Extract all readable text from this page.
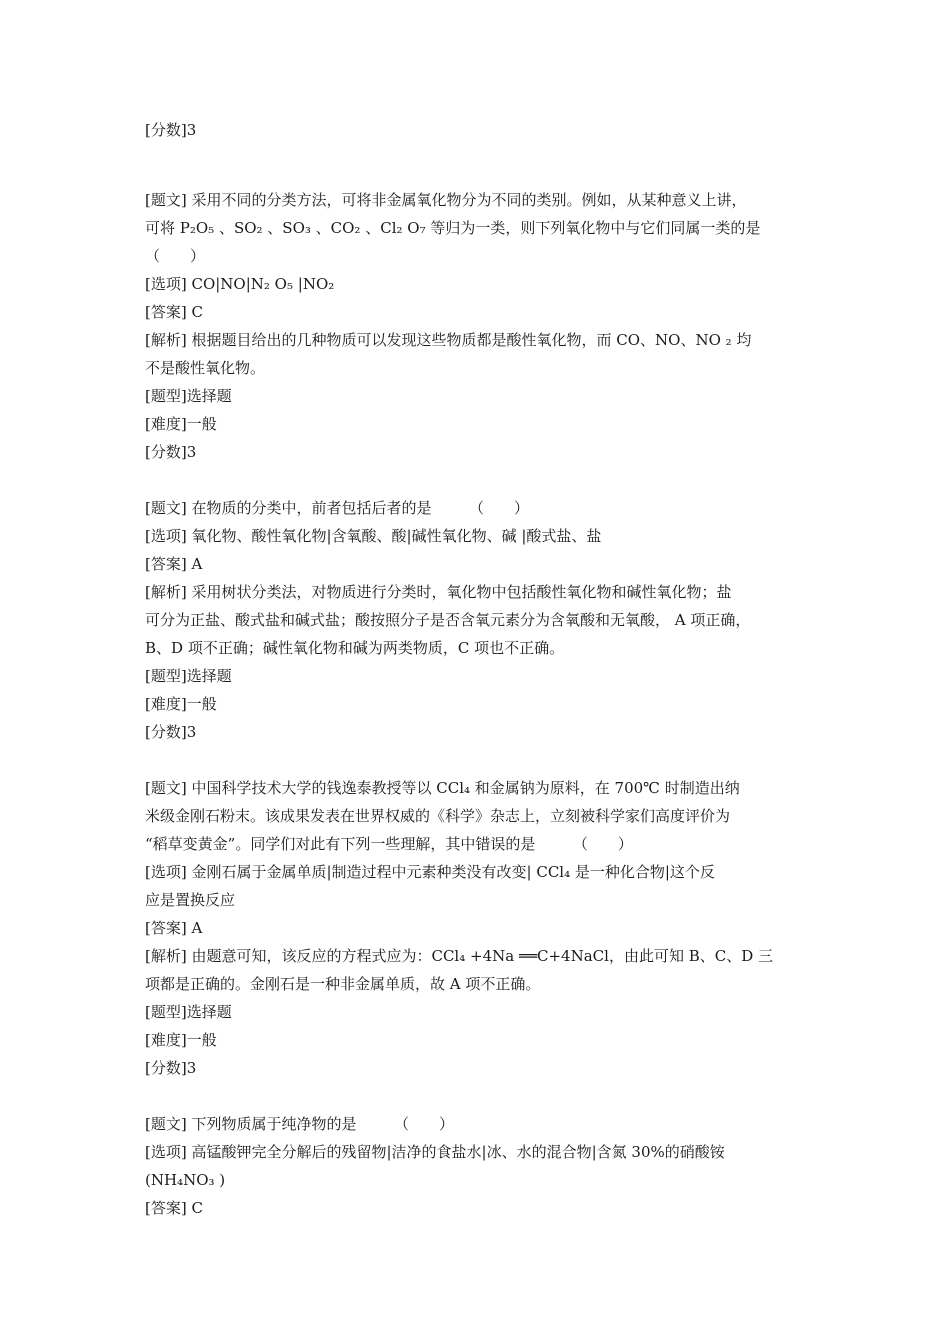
[分数]3
[题文] 采用不同的分类方法，可将非金属氧化物分为不同的类别。例如，从某种意义上讲，
可将 P₂O₅ 、SO₂ 、SO₃ 、CO₂ 、Cl₂ O₇ 等归为一类，则下列氧化物中与它们同属一类的是
（　　）
[选项] CO|NO|N₂ O₅ |NO₂
[答案] C
[解析] 根据题目给出的几种物质可以发现这些物质都是酸性氧化物，而 CO、NO、NO ₂ 均
不是酸性氧化物。
[题型]选择题
[难度]一般
[分数]3
[题文] 在物质的分类中，前者包括后者的是　　　（　　）
[选项] 氧化物、酸性氧化物|含氧酸、酸|碱性氧化物、碱 |酸式盐、盐
[答案] A
[解析] 采用树状分类法，对物质进行分类时，氧化物中包括酸性氧化物和碱性氧化物；盐
可分为正盐、酸式盐和碱式盐；酸按照分子是否含氧元素分为含氧酸和无氧酸， A 项正确，
B、D 项不正确；碱性氧化物和碱为两类物质，C 项也不正确。
[题型]选择题
[难度]一般
[分数]3
[题文] 中国科学技术大学的钱逸泰教授等以 CCl₄ 和金属钠为原料，在 700℃ 时制造出纳
米级金刚石粉末。该成果发表在世界权威的《科学》杂志上，立刻被科学家们高度评价为
“稻草变黄金”。同学们对此有下列一些理解，其中错误的是　　　（　　）
[选项] 金刚石属于金属单质|制造过程中元素种类没有改变| CCl₄ 是一种化合物|这个反
应是置换反应
[答案] A
[解析] 由题意可知，该反应的方程式应为：CCl₄ +4Na ══C+4NaCl，由此可知 B、C、D 三
项都是正确的。金刚石是一种非金属单质，故 A 项不正确。
[题型]选择题
[难度]一般
[分数]3
[题文] 下列物质属于纯净物的是　　　（　　）
[选项] 高锰酸钾完全分解后的残留物|洁净的食盐水|冰、水的混合物|含氮 30%的硝酸铵
(NH₄NO₃ )
[答案] C
